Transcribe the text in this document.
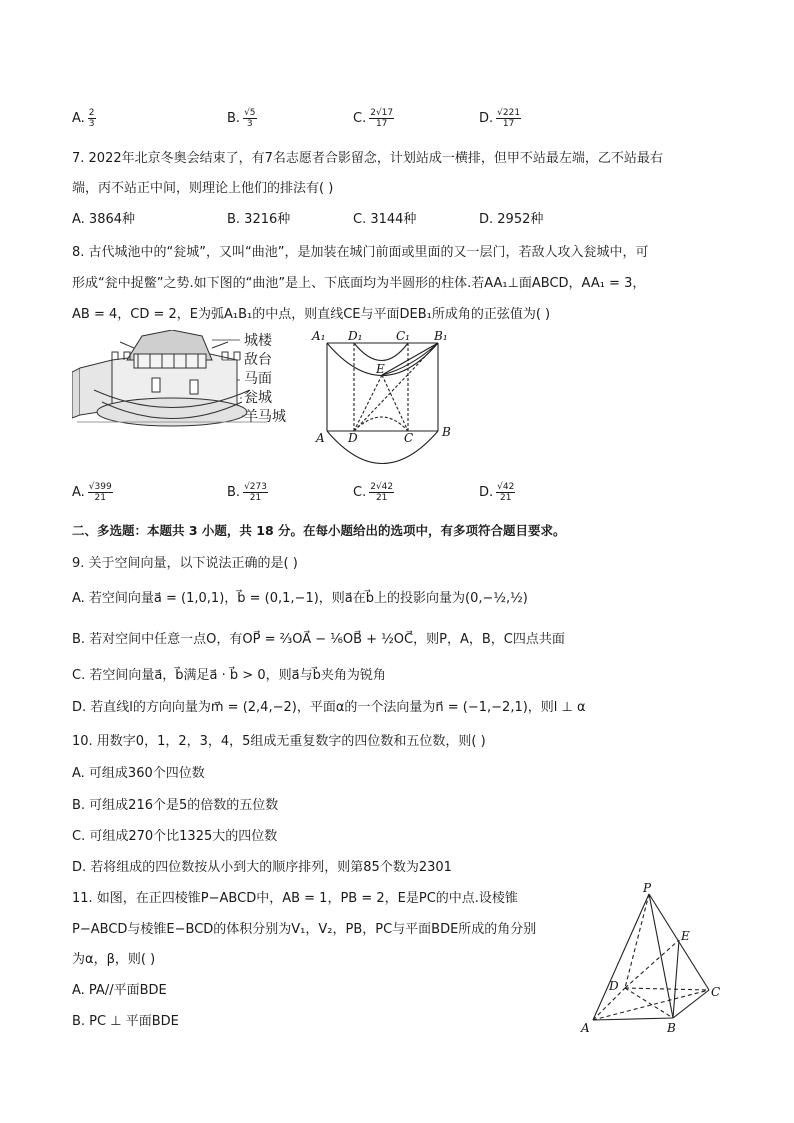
A. $\frac{2}{3}$	B. $\frac{√5}{3}$	C. $\frac{2√17}{17}$	D. $\frac{√221}{17}$
7. 2022年北京冬奥会结束了，有7名志愿者合影留念，计划站成一横排，但甲不站最左端，乙不站最右
端，丙不站正中间，则理论上他们的排法有( )
A. 3864种	B. 3216种	C. 3144种	D. 2952种
8. 古代城池中的“瓮城”，又叫“曲池”，是加装在城门前面或里面的又一层门，若敌人攻入瓮城中，可
形成“瓮中捉鳖”之势.如下图的“曲池”是上、下底面均为半圆形的柱体.若AA₁⊥面ABCD，AA₁ = 3，
AB = 4，CD = 2，E为弧A₁B₁的中点，则直线CE与平面DEB₁所成角的正弦值为( )
城楼
敌台
马面
瓮城
羊马城
A₁ D₁	C₁ B₁
E
A D	C B
A. $\frac{√399}{21}$	B. $\frac{√273}{21}$	C. $\frac{2√42}{21}$	D. $\frac{√42}{21}$
二、多选题：本题共 3 小题，共 18 分。在每小题给出的选项中，有多项符合题目要求。
9. 关于空间向量，以下说法正确的是( )
A. 若空间向量a⃗ = (1,0,1)，b⃗ = (0,1,−1)，则a⃗在b⃗上的投影向量为(0,−½,½)
B. 若对空间中任意一点O，有OP⃗ = ⅔OA⃗ − ⅙OB⃗ + ½OC⃗，则P，A，B，C四点共面
C. 若空间向量a⃗，b⃗满足a⃗ · b⃗ > 0，则a⃗与b⃗夹角为锐角
D. 若直线l的方向向量为m⃗ = (2,4,−2)，平面α的一个法向量为n⃗ = (−1,−2,1)，则l ⊥ α
10. 用数字0，1，2，3，4，5组成无重复数字的四位数和五位数，则( )
A. 可组成360个四位数
B. 可组成216个是5的倍数的五位数
C. 可组成270个比1325大的四位数
D. 若将组成的四位数按从小到大的顺序排列，则第85个数为2301
11. 如图，在正四棱锥P−ABCD中，AB = 1，PB = 2，E是PC的中点.设棱锥
P−ABCD与棱锥E−BCD的体积分别为V₁，V₂，PB，PC与平面BDE所成的角分别
为α，β，则( )
A. PA//平面BDE
B. PC ⊥ 平面BDE
P
E
D	C
A	B
